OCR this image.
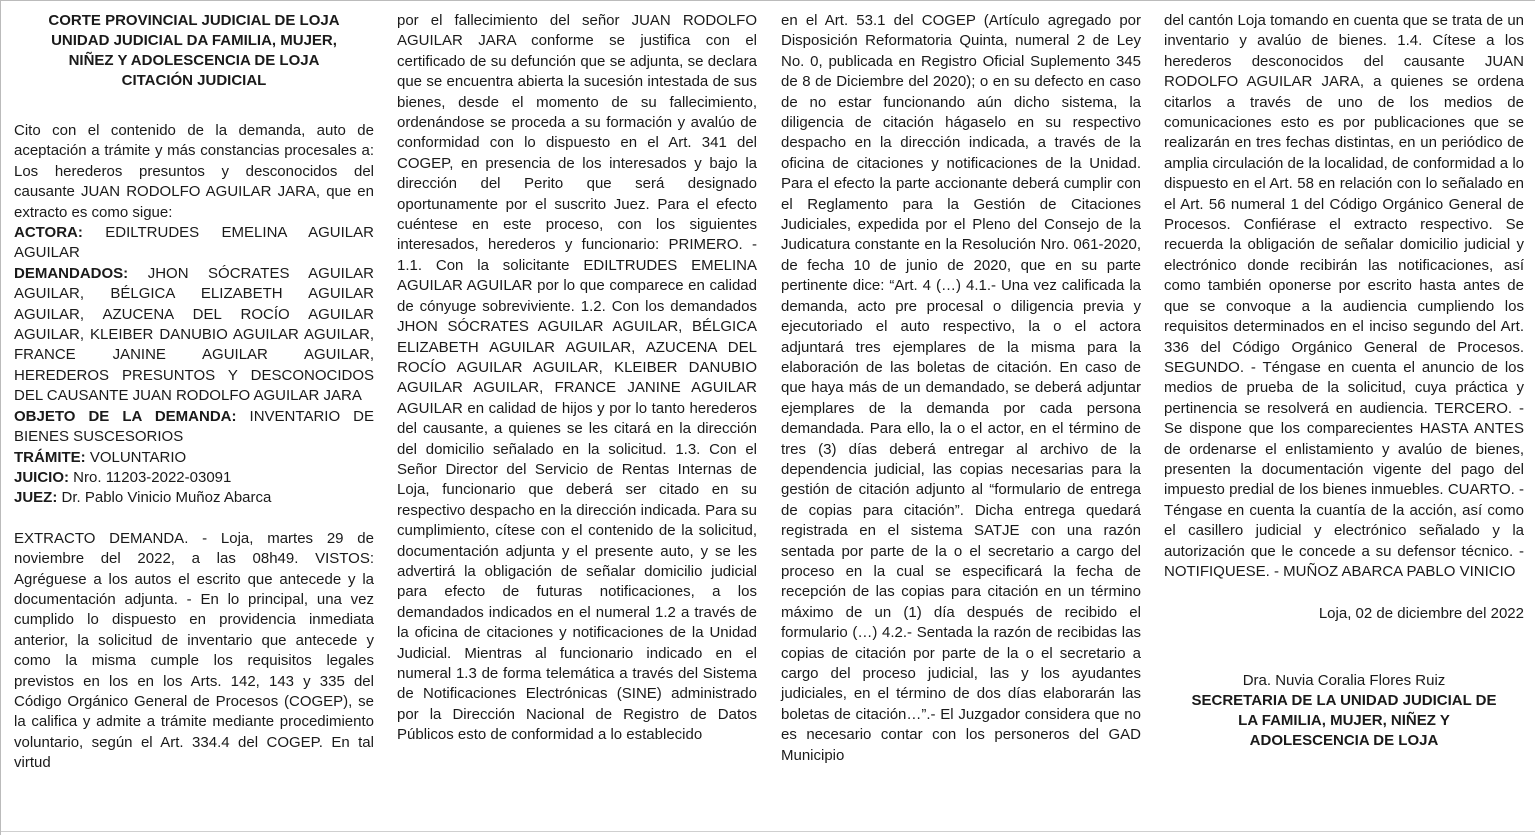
CORTE PROVINCIAL JUDICIAL DE LOJA
UNIDAD JUDICIAL DA FAMILIA, MUJER,
NIÑEZ Y ADOLESCENCIA DE LOJA
CITACIÓN JUDICIAL

Cito con el contenido de la demanda, auto de aceptación a trámite y más constancias procesales a: Los herederos presuntos y desconocidos del causante JUAN RODOLFO AGUILAR JARA, que en extracto es como sigue:

ACTORA: EDILTRUDES EMELINA AGUILAR AGUILAR

DEMANDADOS: JHON SÓCRATES AGUILAR AGUILAR, BÉLGICA ELIZABETH AGUILAR AGUILAR, AZUCENA DEL ROCÍO AGUILAR AGUILAR, KLEIBER DANUBIO AGUILAR AGUILAR, FRANCE JANINE AGUILAR AGUILAR, HEREDEROS PRESUNTOS Y DESCONOCIDOS DEL CAUSANTE JUAN RODOLFO AGUILAR JARA

OBJETO DE LA DEMANDA: INVENTARIO DE BIENES SUSCESORIOS

TRÁMITE: VOLUNTARIO

JUICIO: Nro. 11203-2022-03091

JUEZ: Dr. Pablo Vinicio Muñoz Abarca

EXTRACTO DEMANDA. - Loja, martes 29 de noviembre del 2022, a las 08h49. VISTOS: Agréguese a los autos el escrito que antecede y la documentación adjunta. - En lo principal, una vez cumplido lo dispuesto en providencia inmediata anterior, la solicitud de inventario que antecede y como la misma cumple los requisitos legales previstos en los en los Arts. 142, 143 y 335 del Código Orgánico General de Procesos (COGEP), se la califica y admite a trámite mediante procedimiento voluntario, según el Art. 334.4 del COGEP. En tal virtud

por el fallecimiento del señor JUAN RODOLFO AGUILAR JARA conforme se justifica con el certificado de su defunción que se adjunta, se declara que se encuentra abierta la sucesión intestada de sus bienes, desde el momento de su fallecimiento, ordenándose se proceda a su formación y avalúo de conformidad con lo dispuesto en el Art. 341 del COGEP, en presencia de los interesados y bajo la dirección del Perito que será designado oportunamente por el suscrito Juez. Para el efecto cuéntese en este proceso, con los siguientes interesados, herederos y funcionario: PRIMERO. - 1.1. Con la solicitante EDILTRUDES EMELINA AGUILAR AGUILAR por lo que comparece en calidad de cónyuge sobreviviente. 1.2. Con los demandados JHON SÓCRATES AGUILAR AGUILAR, BÉLGICA ELIZABETH AGUILAR AGUILAR, AZUCENA DEL ROCÍO AGUILAR AGUILAR, KLEIBER DANUBIO AGUILAR AGUILAR, FRANCE JANINE AGUILAR AGUILAR en calidad de hijos y por lo tanto herederos del causante, a quienes se les citará en la dirección del domicilio señalado en la solicitud. 1.3. Con el Señor Director del Servicio de Rentas Internas de Loja, funcionario que deberá ser citado en su respectivo despacho en la dirección indicada. Para su cumplimiento, cítese con el contenido de la solicitud, documentación adjunta y el presente auto, y se les advertirá la obligación de señalar domicilio judicial para efecto de futuras notificaciones, a los demandados indicados en el numeral 1.2 a través de la oficina de citaciones y notificaciones de la Unidad Judicial. Mientras al funcionario indicado en el numeral 1.3 de forma telemática a través del Sistema de Notificaciones Electrónicas (SINE) administrado por la Dirección Nacional de Registro de Datos Públicos esto de conformidad a lo establecido

en el Art. 53.1 del COGEP (Artículo agregado por Disposición Reformatoria Quinta, numeral 2 de Ley No. 0, publicada en Registro Oficial Suplemento 345 de 8 de Diciembre del 2020); o en su defecto en caso de no estar funcionando aún dicho sistema, la diligencia de citación hágaselo en su respectivo despacho en la dirección indicada, a través de la oficina de citaciones y notificaciones de la Unidad. Para el efecto la parte accionante deberá cumplir con el Reglamento para la Gestión de Citaciones Judiciales, expedida por el Pleno del Consejo de la Judicatura constante en la Resolución Nro. 061-2020, de fecha 10 de junio de 2020, que en su parte pertinente dice: “Art. 4 (…) 4.1.- Una vez calificada la demanda, acto pre procesal o diligencia previa y ejecutoriado el auto respectivo, la o el actora adjuntará tres ejemplares de la misma para la elaboración de las boletas de citación. En caso de que haya más de un demandado, se deberá adjuntar ejemplares de la demanda por cada persona demandada. Para ello, la o el actor, en el término de tres (3) días deberá entregar al archivo de la dependencia judicial, las copias necesarias para la gestión de citación adjunto al “formulario de entrega de copias para citación”. Dicha entrega quedará registrada en el sistema SATJE con una razón sentada por parte de la o el secretario a cargo del proceso en la cual se especificará la fecha de recepción de las copias para citación en un término máximo de un (1) día después de recibido el formulario (…) 4.2.- Sentada la razón de recibidas las copias de citación por parte de la o el secretario a cargo del proceso judicial, las y los ayudantes judiciales, en el término de dos días elaborarán las boletas de citación…”.- El Juzgador considera que no es necesario contar con los personeros del GAD Municipio

del cantón Loja tomando en cuenta que se trata de un inventario y avalúo de bienes. 1.4. Cítese a los herederos desconocidos del causante JUAN RODOLFO AGUILAR JARA, a quienes se ordena citarlos a través de uno de los medios de comunicaciones esto es por publicaciones que se realizarán en tres fechas distintas, en un periódico de amplia circulación de la localidad, de conformidad a lo dispuesto en el Art. 58 en relación con lo señalado en el Art. 56 numeral 1 del Código Orgánico General de Procesos. Confiérase el extracto respectivo. Se recuerda la obligación de señalar domicilio judicial y electrónico donde recibirán las notificaciones, así como también oponerse por escrito hasta antes de que se convoque a la audiencia cumpliendo los requisitos determinados en el inciso segundo del Art. 336 del Código Orgánico General de Procesos. SEGUNDO. - Téngase en cuenta el anuncio de los medios de prueba de la solicitud, cuya práctica y pertinencia se resolverá en audiencia. TERCERO. - Se dispone que los comparecientes HASTA ANTES de ordenarse el enlistamiento y avalúo de bienes, presenten la documentación vigente del pago del impuesto predial de los bienes inmuebles. CUARTO. - Téngase en cuenta la cuantía de la acción, así como el casillero judicial y electrónico señalado y la autorización que le concede a su defensor técnico. - NOTIFIQUESE. - MUÑOZ ABARCA PABLO VINICIO

Loja, 02 de diciembre del 2022
Dra. Nuvia Coralia Flores Ruiz
SECRETARIA DE LA UNIDAD JUDICIAL DE
LA FAMILIA, MUJER, NIÑEZ Y
ADOLESCENCIA DE LOJA
